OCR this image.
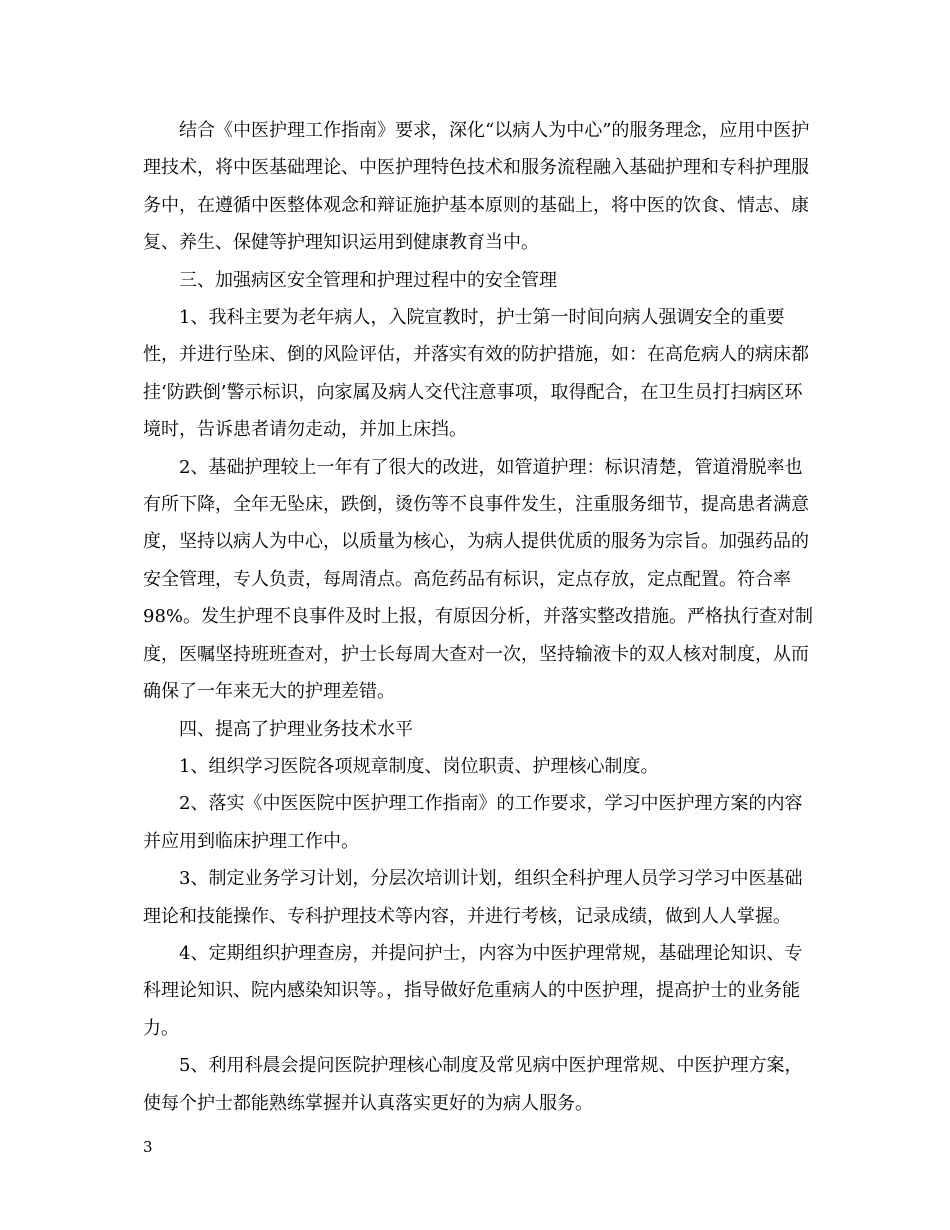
结合《中医护理工作指南》要求，深化“以病人为中心”的服务理念，应用中医护理技术，将中医基础理论、中医护理特色技术和服务流程融入基础护理和专科护理服务中，在遵循中医整体观念和辩证施护基本原则的基础上，将中医的饮食、情志、康复、养生、保健等护理知识运用到健康教育当中。

三、加强病区安全管理和护理过程中的安全管理

1、我科主要为老年病人，入院宣教时，护士第一时间向病人强调安全的重要性，并进行坠床、倒的风险评估，并落实有效的防护措施，如：在高危病人的病床都挂‘防跌倒’警示标识，向家属及病人交代注意事项，取得配合，在卫生员打扫病区环境时，告诉患者请勿走动，并加上床挡。

2、基础护理较上一年有了很大的改进，如管道护理：标识清楚，管道滑脱率也有所下降，全年无坠床，跌倒，烫伤等不良事件发生，注重服务细节，提高患者满意度，坚持以病人为中心，以质量为核心，为病人提供优质的服务为宗旨。加强药品的安全管理，专人负责，每周清点。高危药品有标识，定点存放，定点配置。符合率98%。发生护理不良事件及时上报，有原因分析，并落实整改措施。严格执行查对制度，医嘱坚持班班查对，护士长每周大查对一次，坚持输液卡的双人核对制度，从而确保了一年来无大的护理差错。

四、提高了护理业务技术水平

1、组织学习医院各项规章制度、岗位职责、护理核心制度。

2、落实《中医医院中医护理工作指南》的工作要求，学习中医护理方案的内容并应用到临床护理工作中。

3、制定业务学习计划，分层次培训计划，组织全科护理人员学习学习中医基础理论和技能操作、专科护理技术等内容，并进行考核，记录成绩，做到人人掌握。

4、定期组织护理查房，并提问护士，内容为中医护理常规，基础理论知识、专科理论知识、院内感染知识等。，指导做好危重病人的中医护理，提高护士的业务能力。

5、利用科晨会提问医院护理核心制度及常见病中医护理常规、中医护理方案，使每个护士都能熟练掌握并认真落实更好的为病人服务。

3
